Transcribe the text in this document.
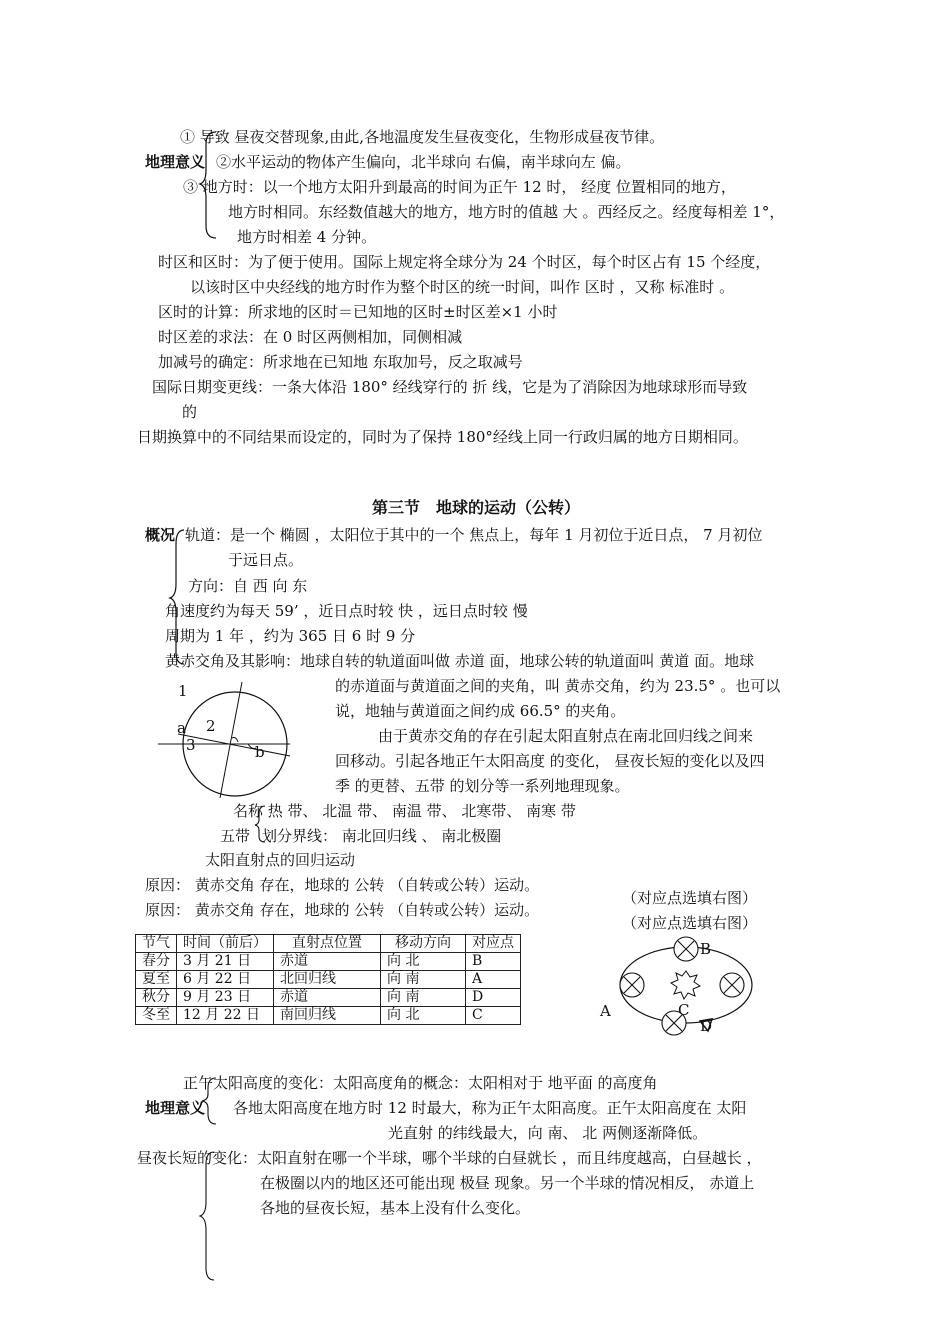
① 导致 昼夜交替现象,由此,各地温度发生昼夜变化，生物形成昼夜节律。
地理意义 ②水平运动的物体产生偏向，北半球向 右偏，南半球向左 偏。
③ 地方时：以一个地方太阳升到最高的时间为正午 12 时， 经度 位置相同的地方，
地方时相同。东经数值越大的地方，地方时的值越 大 。西经反之。经度每相差 1°，
地方时相差 4 分钟。
时区和区时：为了便于使用。国际上规定将全球分为 24 个时区，每个时区占有 15 个经度，
以该时区中央经线的地方时作为整个时区的统一时间，叫作 区时 ，又称 标准时 。
区时的计算：所求地的区时＝已知地的区时±时区差×1 小时
时区差的求法：在 0 时区两侧相加，同侧相减
加减号的确定：所求地在已知地 东取加号，反之取减号
国际日期变更线：一条大体沿 180° 经线穿行的 折 线，它是为了消除因为地球球形而导致
的
日期换算中的不同结果而设定的，同时为了保持 180°经线上同一行政归属的地方日期相同。
第三节　地球的运动（公转）
概况 轨道：是一个 椭圆 ，太阳位于其中的一个 焦点上，每年 1 月初位于近日点， 7 月初位
于远日点。
方向：自 西 向 东
角速度约为每天 59’ ，近日点时较 快 ，远日点时较 慢
周期为 1 年 ，约为 365 日 6 时 9 分
黄赤交角及其影响：地球自转的轨道面叫做 赤道 面，地球公转的轨道面叫 黄道 面。地球
1
a 2
3	b
的赤道面与黄道面之间的夹角，叫 黄赤交角，约为 23.5° 。也可以
说，地轴与黄道面之间约成 66.5° 的夹角。
由于黄赤交角的存在引起太阳直射点在南北回归线之间来
回移动。引起各地正午太阳高度 的变化， 昼夜长短的变化以及四
季 的更替、五带 的划分等一系列地理现象。
名称 热 带、 北温 带、 南温 带、 北寒带、 南寒 带
五带 划分界线： 南北回归线 、 南北极圈
太阳直射点的回归运动
原因： 黄赤交角 存在，地球的 公转 （自转或公转）运动。
原因： 黄赤交角 存在，地球的 公转 （自转或公转）运动。
（对应点选填右图）
（对应点选填右图）
节气	时间（前后）	直射点位置	移动方向	对应点
春分	3 月 21 日	赤道	向 北	B
夏至	6 月 22 日	北回归线	向 南	A
秋分	9 月 23 日	赤道	向 南	D
冬至	12 月 22 日	南回归线	向 北	C
B
A	C
D
正午太阳高度的变化：太阳高度角的概念：太阳相对于 地平面 的高度角
地理意义 各地太阳高度在地方时 12 时最大，称为正午太阳高度。正午太阳高度在 太阳
光直射 的纬线最大，向 南、 北 两侧逐渐降低。
昼夜长短的变化：太阳直射在哪一个半球，哪个半球的白昼就长 ，而且纬度越高，白昼越长 ，
在极圈以内的地区还可能出现 极昼 现象。另一个半球的情况相反， 赤道上
各地的昼夜长短，基本上没有什么变化。
